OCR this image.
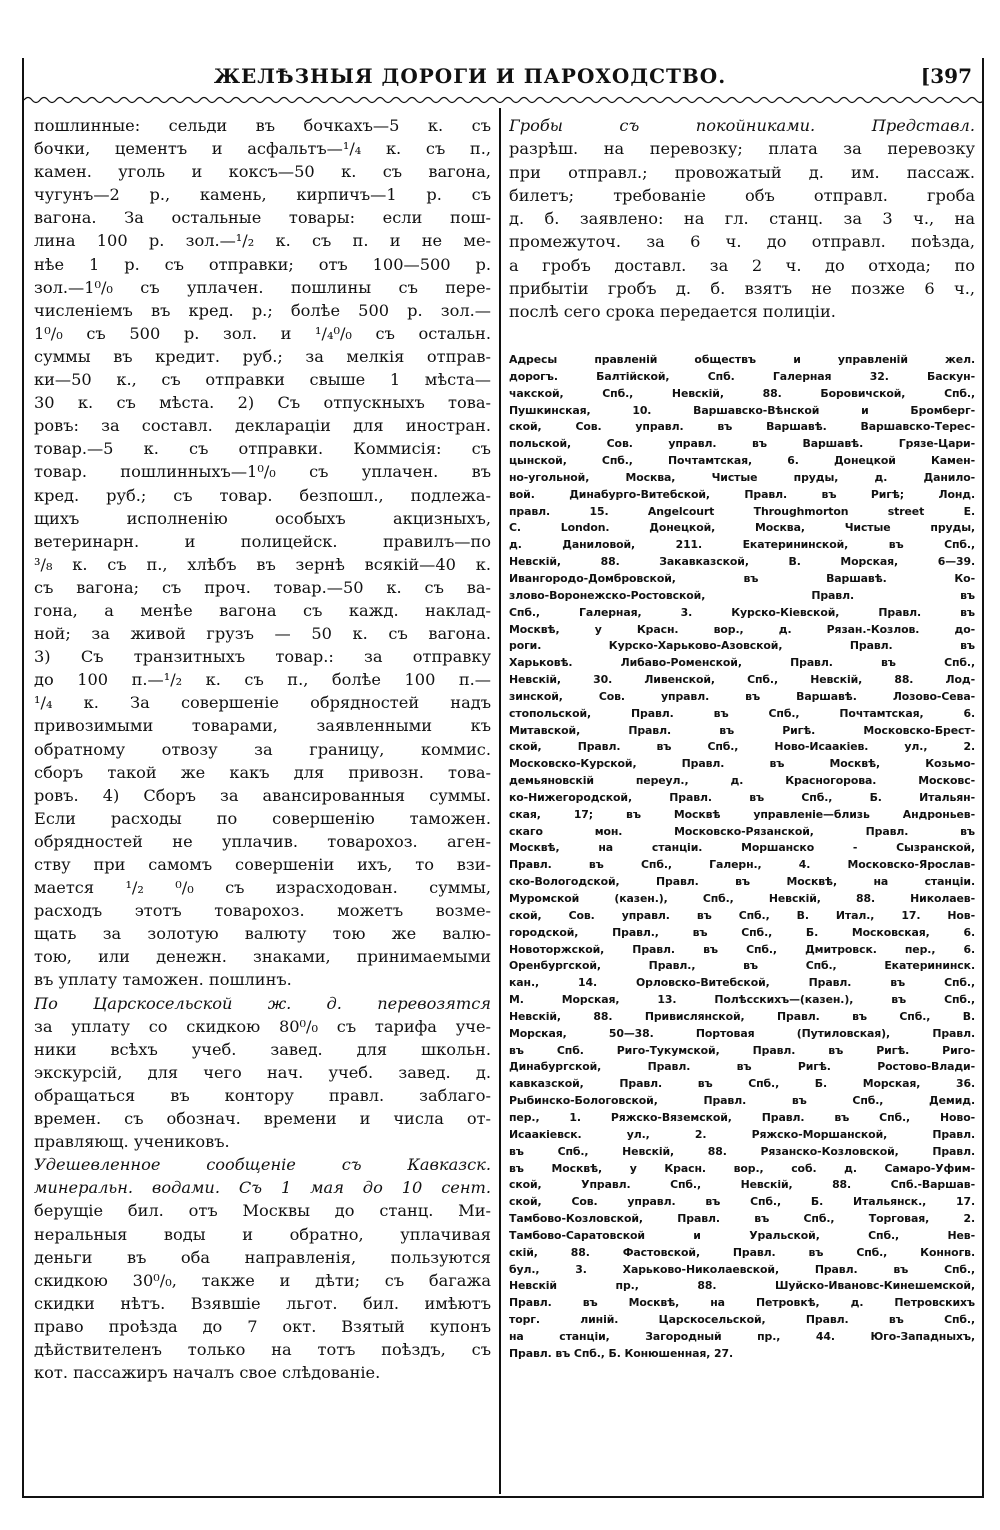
ЖЕЛѢЗНЫЯ ДОРОГИ И ПАРОХОДСТВО.	[397
пошлинные: сельди въ бочкахъ—5 к. съ
бочки, цементъ и асфальтъ—¹/₄ к. съ п.,
камен. уголь и коксъ—50 к. съ вагона,
чугунъ—2 р., камень, кирпичъ—1 р. съ
вагона. За остальные товары: если пош-
лина 100 р. зол.—¹/₂ к. съ п. и не ме-
нѣе 1 р. съ отправки; отъ 100—500 р.
зол.—1⁰/₀ съ уплачен. пошлины съ пере-
численіемъ въ кред. р.; болѣе 500 р. зол.—
1⁰/₀ съ 500 р. зол. и ¹/₄⁰/₀ съ остальн.
суммы въ кредит. руб.; за мелкія отправ-
ки—50 к., съ отправки свыше 1 мѣста—
30 к. съ мѣста. 2) Съ отпускныхъ това-
ровъ: за составл. деклараціи для иностран.
товар.—5 к. съ отправки. Коммисія: съ
товар. пошлинныхъ—1⁰/₀ съ уплачен. въ
кред. руб.; съ товар. безпошл., подлежа-
щихъ исполненію особыхъ акцизныхъ,
ветеринарн. и полицейск. правилъ—по
³/₈ к. съ п., хлѣбъ въ зернѣ всякій—40 к.
съ вагона; съ проч. товар.—50 к. съ ва-
гона, а менѣе вагона съ кажд. наклад-
ной; за живой грузъ — 50 к. съ вагона.
3) Съ транзитныхъ товар.: за отправку
до 100 п.—¹/₂ к. съ п., болѣе 100 п.—
¹/₄ к. За совершеніе обрядностей надъ
привозимыми товарами, заявленными къ
обратному отвозу за границу, коммис.
сборъ такой же какъ для привозн. това-
ровъ. 4) Сборъ за авансированныя суммы.
Если расходы по совершенію таможен.
обрядностей не уплачив. товарохоз. аген-
ству при самомъ совершеніи ихъ, то взи-
мается ¹/₂ ⁰/₀ съ израсходован. суммы,
расходъ этотъ товарохоз. можетъ возме-
щать за золотую валюту тою же валю-
тою, или денежн. знаками, принимаемыми
въ уплату таможен. пошлинъ.
По Царскосельской ж. д. перевозятся
за уплату со скидкою 80⁰/₀ съ тарифа уче-
ники всѣхъ учеб. завед. для школьн.
экскурсій, для чего нач. учеб. завед. д.
обращаться въ контору правл. заблаго-
времен. съ обознач. времени и числа от-
правляющ. учениковъ.
Удешевленное сообщеніе съ Кавказск.
минеральн. водами. Съ 1 мая до 10 сент.
берущіе бил. отъ Москвы до станц. Ми-
неральныя воды и обратно, уплачивая
деньги въ оба направленія, пользуются
скидкою 30⁰/₀, также и дѣти; съ багажа
скидки нѣтъ. Взявшіе льгот. бил. имѣютъ
право проѣзда до 7 окт. Взятый купонъ
дѣйствителенъ только на тотъ поѣздъ, съ
кот. пассажиръ началъ свое слѣдованіе.
Гробы съ покойниками. Представл.
разрѣш. на перевозку; плата за перевозку
при отправл.; провожатый д. им. пассаж.
билетъ; требованіе объ отправл. гроба
д. б. заявлено: на гл. станц. за 3 ч., на
промежуточ. за 6 ч. до отправл. поѣзда,
а гробъ доставл. за 2 ч. до отхода; по
прибытіи гробъ д. б. взятъ не позже 6 ч.,
послѣ сего срока передается полиціи.
Адресы правленій обществъ и управленій жел.
дорогъ. Балтійской, Спб. Галерная 32. Баскун-
чакской, Спб., Невскій, 88. Боровичской, Спб.,
Пушкинская, 10. Варшавско-Вѣнской и Бромберг-
ской, Сов. управл. въ Варшавѣ. Варшавско-Терес-
польской, Сов. управл. въ Варшавѣ. Грязе-Цари-
цынской, Спб., Почтамтская, 6. Донецкой Камен-
но-угольной, Москва, Чистые пруды, д. Данило-
вой. Динабурго-Витебской, Правл. въ Ригѣ; Лонд.
правл. 15. Angelcourt Throughmorton street E.
C. London. Донецкой, Москва, Чистые пруды,
д. Даниловой, 211. Екатерининской, въ Спб.,
Невскій, 88. Закавказской, В. Морская, 6—39.
Ивангородо-Домбровской, въ Варшавѣ. Ко-
злово-Воронежско-Ростовской, Правл. въ
Спб., Галерная, 3. Курско-Кіевской, Правл. въ
Москвѣ, у Красн. вор., д. Рязан.-Козлов. до-
роги. Курско-Харьково-Азовской, Правл. въ
Харьковѣ. Либаво-Роменской, Правл. въ Спб.,
Невскій, 30. Ливенской, Спб., Невскій, 88. Лод-
зинской, Сов. управл. въ Варшавѣ. Лозово-Сева-
стопольской, Правл. въ Спб., Почтамтская, 6.
Митавской, Правл. въ Ригѣ. Московско-Брест-
ской, Правл. въ Спб., Ново-Исаакіев. ул., 2.
Московско-Курской, Правл. въ Москвѣ, Козьмо-
демьяновскій переул., д. Красногорова. Московс-
ко-Нижегородской, Правл. въ Спб., Б. Итальян-
ская, 17; въ Москвѣ управленіе—близь Андроньев-
скаго мон. Московско-Рязанской, Правл. въ
Москвѣ, на станціи. Моршанско - Сызранской,
Правл. въ Спб., Галерн., 4. Московско-Ярослав-
ско-Вологодской, Правл. въ Москвѣ, на станціи.
Муромской (казен.), Спб., Невскій, 88. Николаев-
ской, Сов. управл. въ Спб., В. Итал., 17. Нов-
городской, Правл., въ Спб., Б. Московская, 6.
Новоторжской, Правл. въ Спб., Дмитровск. пер., 6.
Оренбургской, Правл., въ Спб., Екатерининск.
кан., 14. Орловско-Витебской, Правл. въ Спб.,
М. Морская, 13. Полѣсскихъ—(казен.), въ Спб.,
Невскій, 88. Привислянской, Правл. въ Спб., В.
Морская, 50—38. Портовая (Путиловская), Правл.
въ Спб. Риго-Тукумской, Правл. въ Ригѣ. Риго-
Динабургской, Правл. въ Ригѣ. Ростово-Влади-
кавказской, Правл. въ Спб., Б. Морская, 36.
Рыбинско-Бологовской, Правл. въ Спб., Демид.
пер., 1. Ряжско-Вяземской, Правл. въ Спб., Ново-
Исаакіевск. ул., 2. Ряжско-Моршанской, Правл.
въ Спб., Невскій, 88. Рязанско-Козловской, Правл.
въ Москвѣ, у Красн. вор., соб. д. Самаро-Уфим-
ской, Управл. Спб., Невскій, 88. Спб.-Варшав-
ской, Сов. управл. въ Спб., Б. Итальянск., 17.
Тамбово-Козловской, Правл. въ Спб., Торговая, 2.
Тамбово-Саратовской и Уральской, Спб., Нев-
скій, 88. Фастовской, Правл. въ Спб., Конногв.
бул., 3. Харьково-Николаевской, Правл. въ Спб.,
Невскій пр., 88. Шуйско-Ивановс-Кинешемской,
Правл. въ Москвѣ, на Петровкѣ, д. Петровскихъ
торг. линій. Царскосельской, Правл. въ Спб.,
на станціи, Загородный пр., 44. Юго-Западныхъ,
Правл. въ Спб., Б. Конюшенная, 27.
